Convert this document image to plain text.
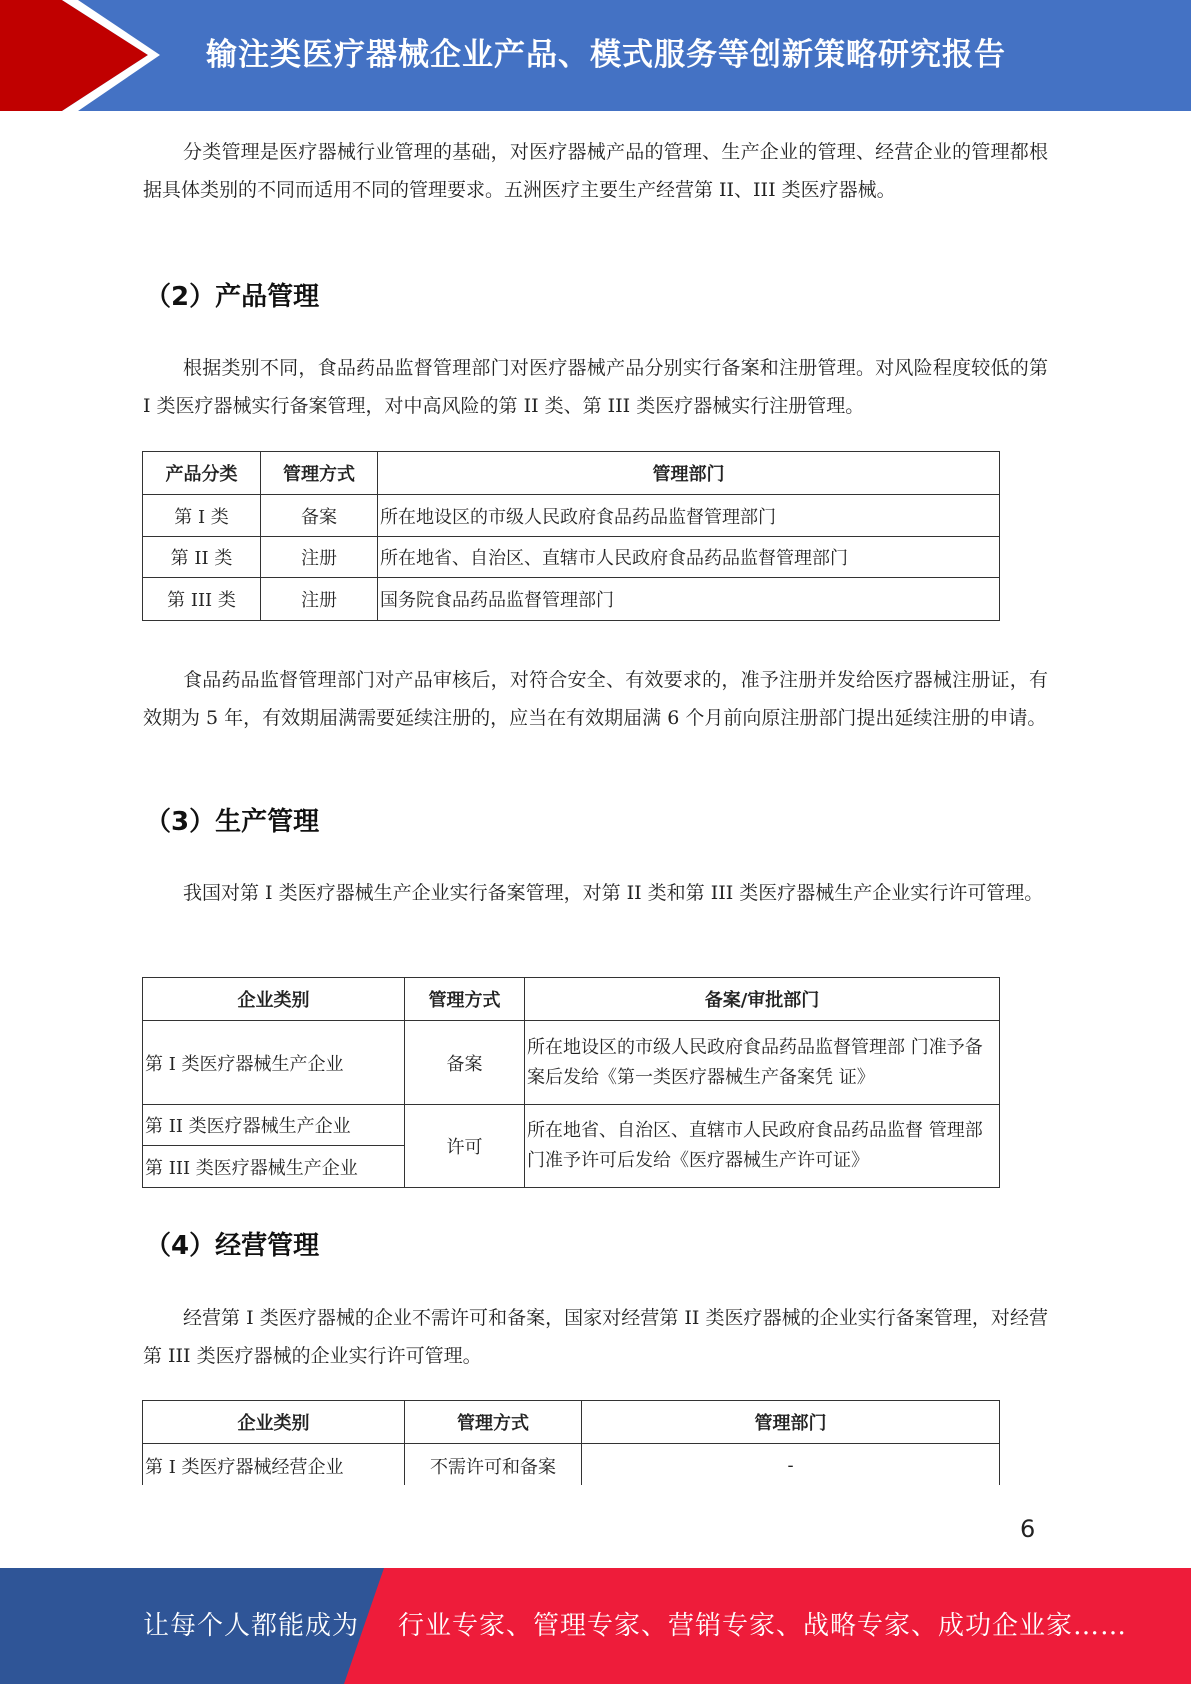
输注类医疗器械企业产品、模式服务等创新策略研究报告

分类管理是医疗器械行业管理的基础，对医疗器械产品的管理、生产企业的管理、经营企业的管理都根据具体类别的不同而适用不同的管理要求。五洲医疗主要生产经营第 II、III 类医疗器械。

（2）产品管理

根据类别不同，食品药品监督管理部门对医疗器械产品分别实行备案和注册管理。对风险程度较低的第 I 类医疗器械实行备案管理，对中高风险的第 II 类、第 III 类医疗器械实行注册管理。

产品分类	管理方式	管理部门
第 I 类	备案	所在地设区的市级人民政府食品药品监督管理部门
第 II 类	注册	所在地省、自治区、直辖市人民政府食品药品监督管理部门
第 III 类	注册	国务院食品药品监督管理部门

食品药品监督管理部门对产品审核后，对符合安全、有效要求的，准予注册并发给医疗器械注册证，有效期为 5 年，有效期届满需要延续注册的，应当在有效期届满 6 个月前向原注册部门提出延续注册的申请。

（3）生产管理

我国对第 I 类医疗器械生产企业实行备案管理，对第 II 类和第 III 类医疗器械生产企业实行许可管理。

企业类别	管理方式	备案/审批部门
第 I 类医疗器械生产企业	备案	所在地设区的市级人民政府食品药品监督管理部 门准予备案后发给《第一类医疗器械生产备案凭 证》
第 II 类医疗器械生产企业	许可	所在地省、自治区、直辖市人民政府食品药品监督 管理部门准予许可后发给《医疗器械生产许可证》
第 III 类医疗器械生产企业		
（4）经营管理

经营第 I 类医疗器械的企业不需许可和备案，国家对经营第 II 类医疗器械的企业实行备案管理，对经营第 III 类医疗器械的企业实行许可管理。

企业类别	管理方式	管理部门
第 I 类医疗器械经营企业	不需许可和备案	-
6
让每个人都能成为 行业专家、管理专家、营销专家、战略专家、成功企业家……
